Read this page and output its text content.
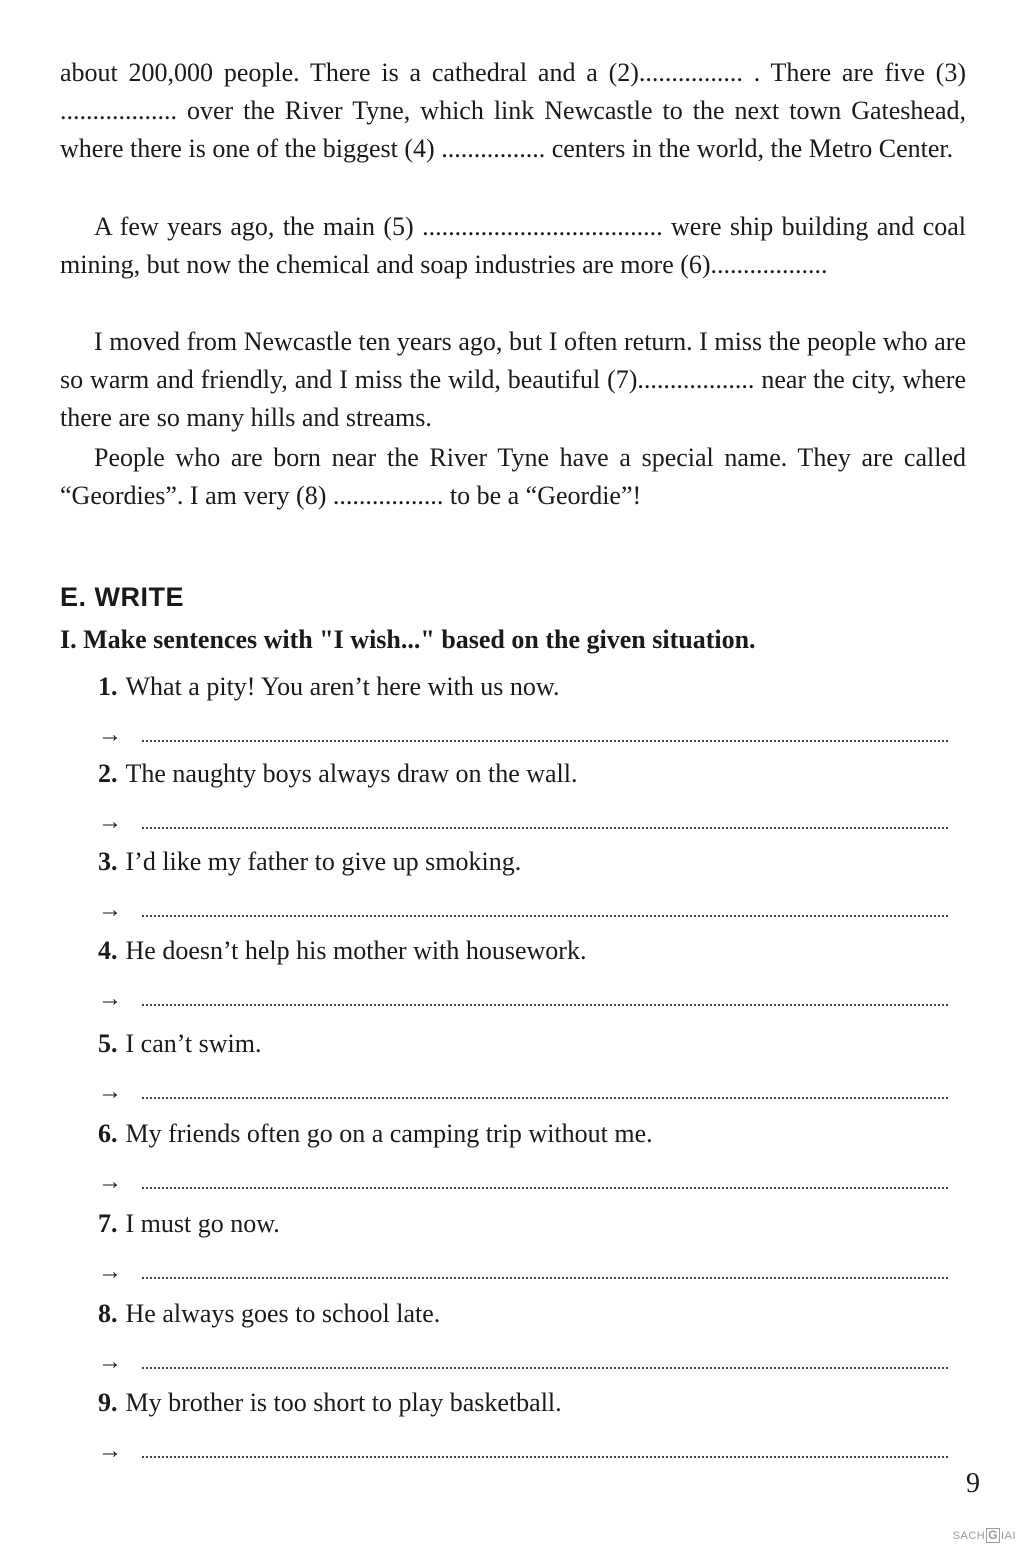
about 200,000 people. There is a cathedral and a (2)................ . There are five (3) .................. over the River Tyne, which link Newcastle to the next town Gateshead, where there is one of the biggest (4) ................ centers in the world, the Metro Center.

A few years ago, the main (5) ..................................... were ship building and coal mining, but now the chemical and soap industries are more (6)..................

I moved from Newcastle ten years ago, but I often return. I miss the people who are so warm and friendly, and I miss the wild, beautiful (7).................. near the city, where there are so many hills and streams.

People who are born near the River Tyne have a special name. They are called “Geordies”. I am very (8) ................. to be a “Geordie”!

E. WRITE

I. Make sentences with "I wish..." based on the given situation.

1. What a pity! You aren’t here with us now.

→

2. The naughty boys always draw on the wall.

→

3. I’d like my father to give up smoking.

→

4. He doesn’t help his mother with housework.

→

5. I can’t swim.

→

6. My friends often go on a camping trip without me.

→

7. I must go now.

→

8. He always goes to school late.

→

9. My brother is too short to play basketball.

→

9

SACH G IAI
